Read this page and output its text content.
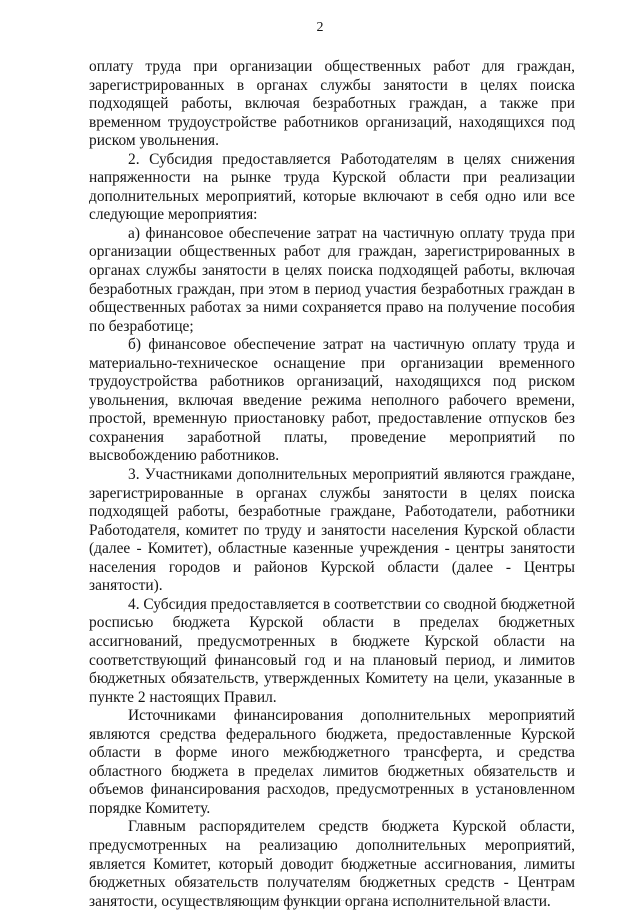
2

оплату труда при организации общественных работ для граждан, зарегистрированных в органах службы занятости в целях поиска подходящей работы, включая безработных граждан, а также при временном трудоустройстве работников организаций, находящихся под риском увольнения.

2. Субсидия предоставляется Работодателям в целях снижения напряженности на рынке труда Курской области при реализации дополнительных мероприятий, которые включают в себя одно или все следующие мероприятия:

а) финансовое обеспечение затрат на частичную оплату труда при организации общественных работ для граждан, зарегистрированных в органах службы занятости в целях поиска подходящей работы, включая безработных граждан, при этом в период участия безработных граждан в общественных работах за ними сохраняется право на получение пособия по безработице;

б) финансовое обеспечение затрат на частичную оплату труда и материально-техническое оснащение при организации временного трудоустройства работников организаций, находящихся под риском увольнения, включая введение режима неполного рабочего времени, простой, временную приостановку работ, предоставление отпусков без сохранения заработной платы, проведение мероприятий по высвобождению работников.

3. Участниками дополнительных мероприятий являются граждане, зарегистрированные в органах службы занятости в целях поиска подходящей работы, безработные граждане, Работодатели, работники Работодателя, комитет по труду и занятости населения Курской области (далее - Комитет), областные казенные учреждения - центры занятости населения городов и районов Курской области (далее - Центры занятости).

4. Субсидия предоставляется в соответствии со сводной бюджетной росписью бюджета Курской области в пределах бюджетных ассигнований, предусмотренных в бюджете Курской области на соответствующий финансовый год и на плановый период, и лимитов бюджетных обязательств, утвержденных Комитету на цели, указанные в пункте 2 настоящих Правил.

Источниками финансирования дополнительных мероприятий являются средства федерального бюджета, предоставленные Курской области в форме иного межбюджетного трансферта, и средства областного бюджета в пределах лимитов бюджетных обязательств и объемов финансирования расходов, предусмотренных в установленном порядке Комитету.

Главным распорядителем средств бюджета Курской области, предусмотренных на реализацию дополнительных мероприятий, является Комитет, который доводит бюджетные ассигнования, лимиты бюджетных обязательств получателям бюджетных средств - Центрам занятости, осуществляющим функции органа исполнительной власти.
